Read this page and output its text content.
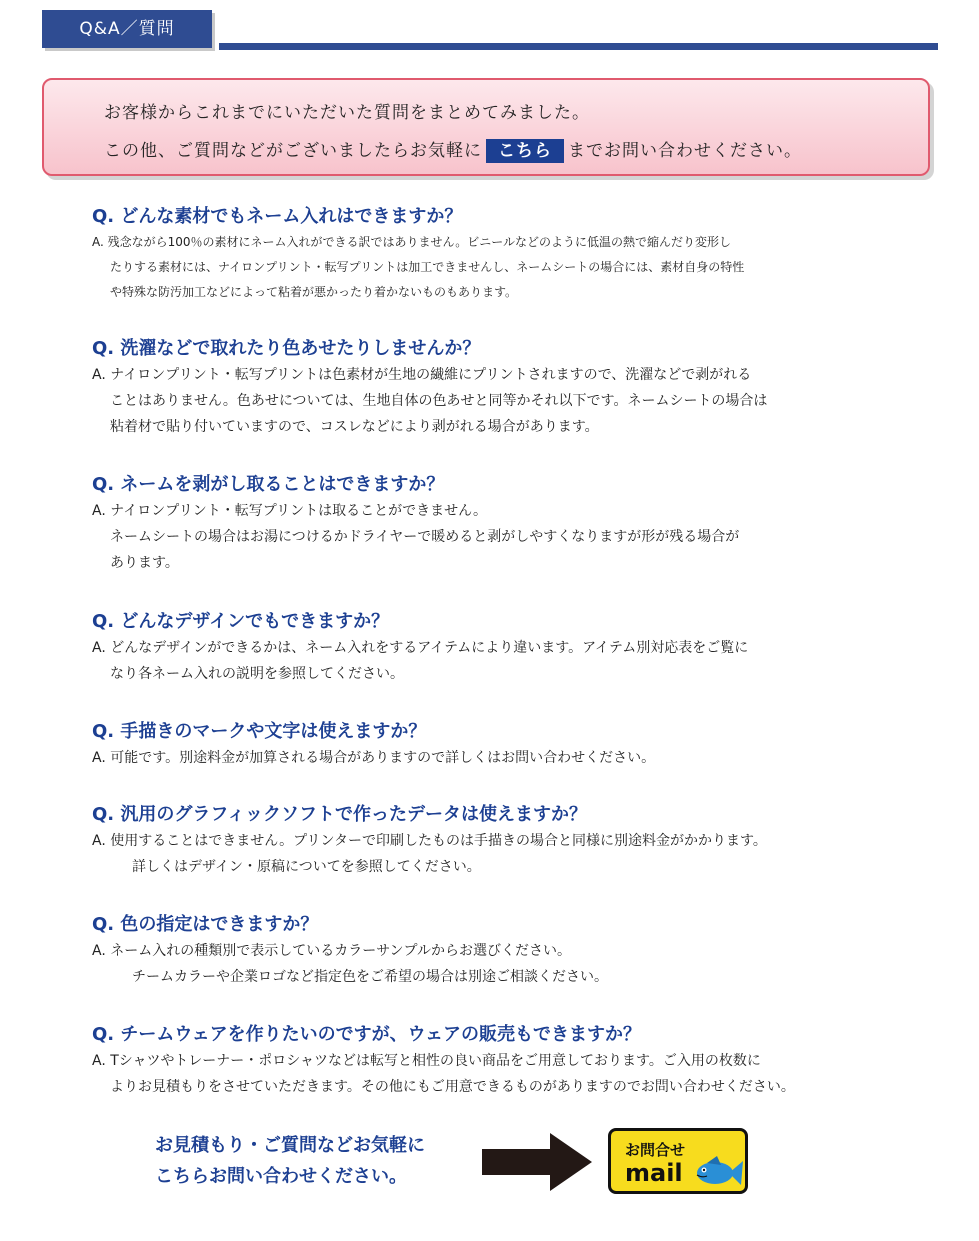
Q&A／質問

お客様からこれまでにいただいた質問をまとめてみました。

この他、ご質問などがございましたらお気軽に こちら までお問い合わせください。

Q. どんな素材でもネーム入れはできますか？
A. 残念ながら100％の素材にネーム入れができる訳ではありません。ビニールなどのように低温の熱で縮んだり変形し
たりする素材には、ナイロンプリント・転写プリントは加工できませんし、ネームシートの場合には、素材自身の特性
や特殊な防汚加工などによって粘着が悪かったり着かないものもあります。
Q. 洗濯などで取れたり色あせたりしませんか？
A. ナイロンプリント・転写プリントは色素材が生地の繊維にプリントされますので、洗濯などで剥がれる
ことはありません。色あせについては、生地自体の色あせと同等かそれ以下です。ネームシートの場合は
粘着材で貼り付いていますので、コスレなどにより剥がれる場合があります。
Q. ネームを剥がし取ることはできますか？
A. ナイロンプリント・転写プリントは取ることができません。
ネームシートの場合はお湯につけるかドライヤーで暖めると剥がしやすくなりますが形が残る場合が
あります。
Q. どんなデザインでもできますか？
A. どんなデザインができるかは、ネーム入れをするアイテムにより違います。アイテム別対応表をご覧に
なり各ネーム入れの説明を参照してください。
Q. 手描きのマークや文字は使えますか？
A. 可能です。別途料金が加算される場合がありますので詳しくはお問い合わせください。
Q. 汎用のグラフィックソフトで作ったデータは使えますか？
A. 使用することはできません。プリンターで印刷したものは手描きの場合と同様に別途料金がかかります。
詳しくはデザイン・原稿についてを参照してください。
Q. 色の指定はできますか？
A. ネーム入れの種類別で表示しているカラーサンプルからお選びください。
チームカラーや企業ロゴなど指定色をご希望の場合は別途ご相談ください。
Q. チームウェアを作りたいのですが、ウェアの販売もできますか？
A. Tシャツやトレーナー・ポロシャツなどは転写と相性の良い商品をご用意しております。ご入用の枚数に
よりお見積もりをさせていただきます。その他にもご用意できるものがありますのでお問い合わせください。
お見積もり・ご質問などお気軽に
こちらお問い合わせください。
お問合せ
mail
